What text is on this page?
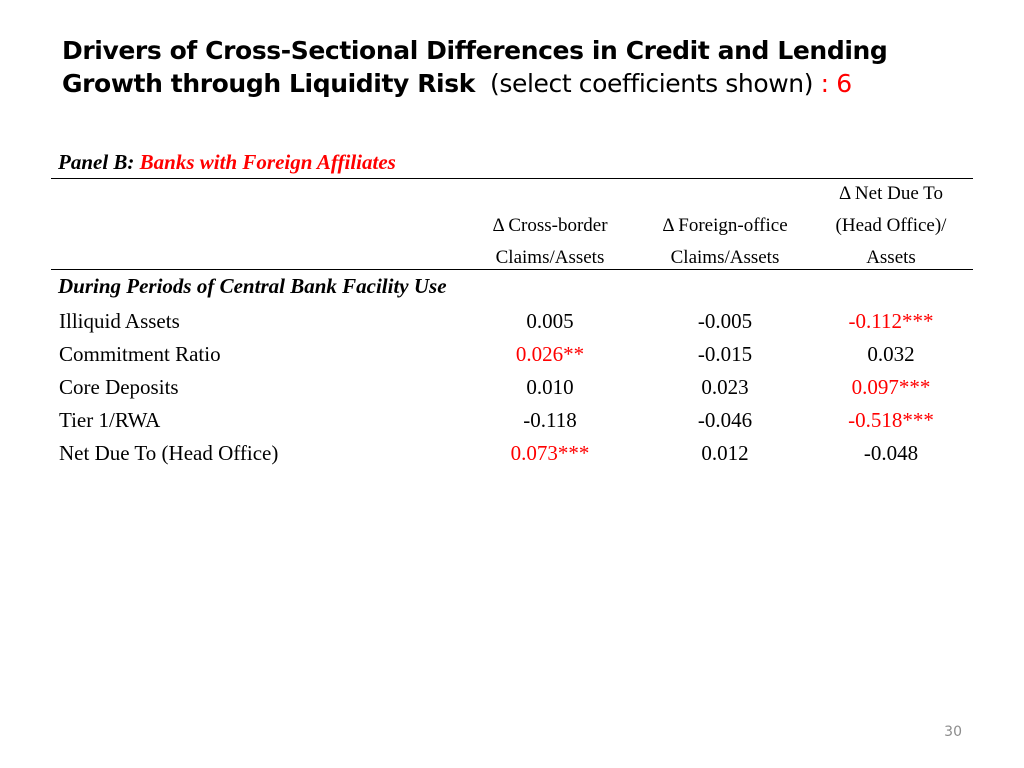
Drivers of Cross-Sectional Differences in Credit and Lending
Growth through Liquidity Risk (select coefficients shown) : 6
Panel B: Banks with Foreign Affiliates
Δ Cross-border
Claims/Assets
Δ Foreign-office
Claims/Assets
Δ Net Due To
(Head Office)/
Assets
During Periods of Central Bank Facility Use
Illiquid Assets	0.005	-0.005	-0.112***
Commitment Ratio	0.026**	-0.015	0.032
Core Deposits	0.010	0.023	0.097***
Tier 1/RWA	-0.118	-0.046	-0.518***
Net Due To (Head Office)	0.073***	0.012	-0.048
30
